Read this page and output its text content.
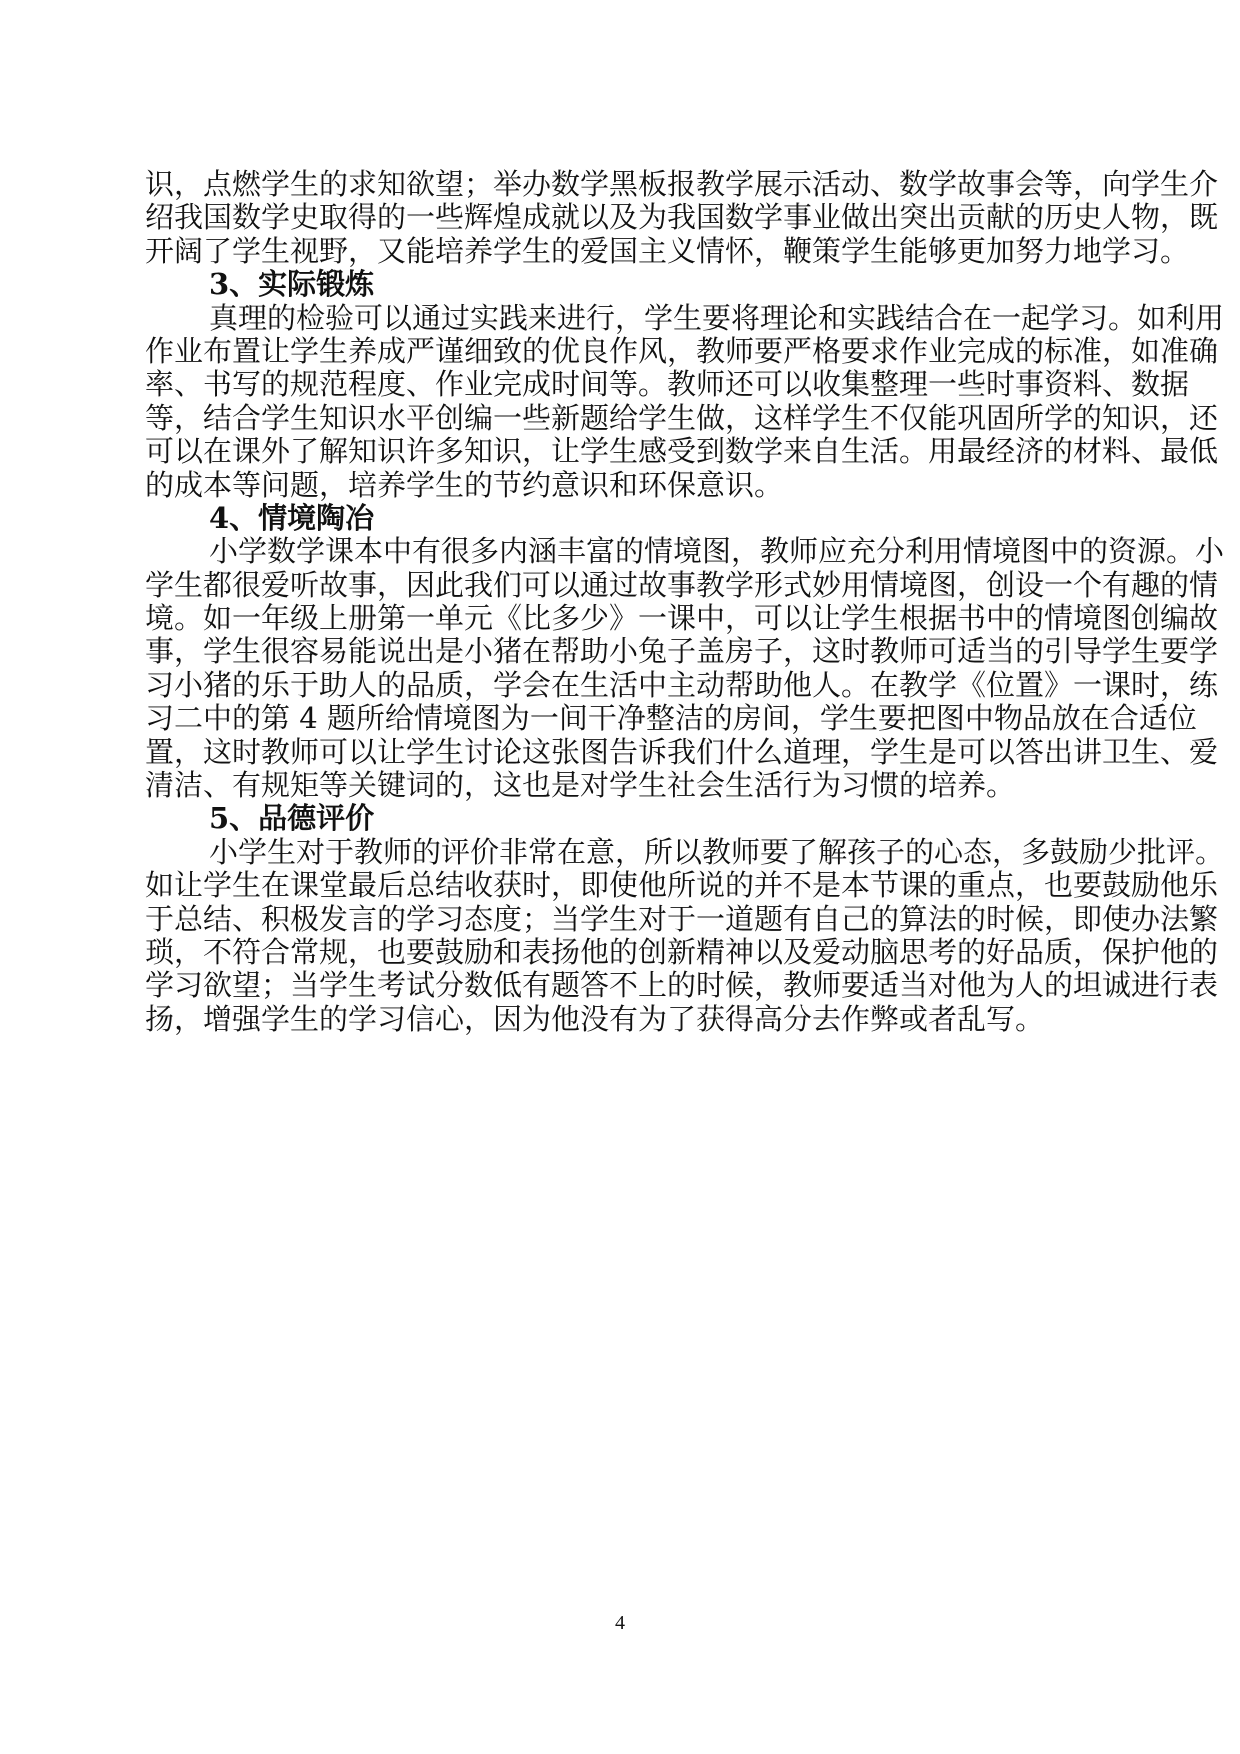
识，点燃学生的求知欲望；举办数学黑板报教学展示活动、数学故事会等，向学生介
绍我国数学史取得的一些辉煌成就以及为我国数学事业做出突出贡献的历史人物，既
开阔了学生视野，又能培养学生的爱国主义情怀，鞭策学生能够更加努力地学习。
3、实际锻炼
真理的检验可以通过实践来进行，学生要将理论和实践结合在一起学习。如利用
作业布置让学生养成严谨细致的优良作风，教师要严格要求作业完成的标准，如准确
率、书写的规范程度、作业完成时间等。教师还可以收集整理一些时事资料、数据
等，结合学生知识水平创编一些新题给学生做，这样学生不仅能巩固所学的知识，还
可以在课外了解知识许多知识，让学生感受到数学来自生活。用最经济的材料、最低
的成本等问题，培养学生的节约意识和环保意识。
4、情境陶冶
小学数学课本中有很多内涵丰富的情境图，教师应充分利用情境图中的资源。小
学生都很爱听故事，因此我们可以通过故事教学形式妙用情境图，创设一个有趣的情
境。如一年级上册第一单元《比多少》一课中，可以让学生根据书中的情境图创编故
事，学生很容易能说出是小猪在帮助小兔子盖房子，这时教师可适当的引导学生要学
习小猪的乐于助人的品质，学会在生活中主动帮助他人。在教学《位置》一课时，练
习二中的第 4 题所给情境图为一间干净整洁的房间，学生要把图中物品放在合适位
置，这时教师可以让学生讨论这张图告诉我们什么道理，学生是可以答出讲卫生、爱
清洁、有规矩等关键词的，这也是对学生社会生活行为习惯的培养。
5、品德评价
小学生对于教师的评价非常在意，所以教师要了解孩子的心态，多鼓励少批评。
如让学生在课堂最后总结收获时，即使他所说的并不是本节课的重点，也要鼓励他乐
于总结、积极发言的学习态度；当学生对于一道题有自己的算法的时候，即使办法繁
琐，不符合常规，也要鼓励和表扬他的创新精神以及爱动脑思考的好品质，保护他的
学习欲望；当学生考试分数低有题答不上的时候，教师要适当对他为人的坦诚进行表
扬，增强学生的学习信心，因为他没有为了获得高分去作弊或者乱写。
4
